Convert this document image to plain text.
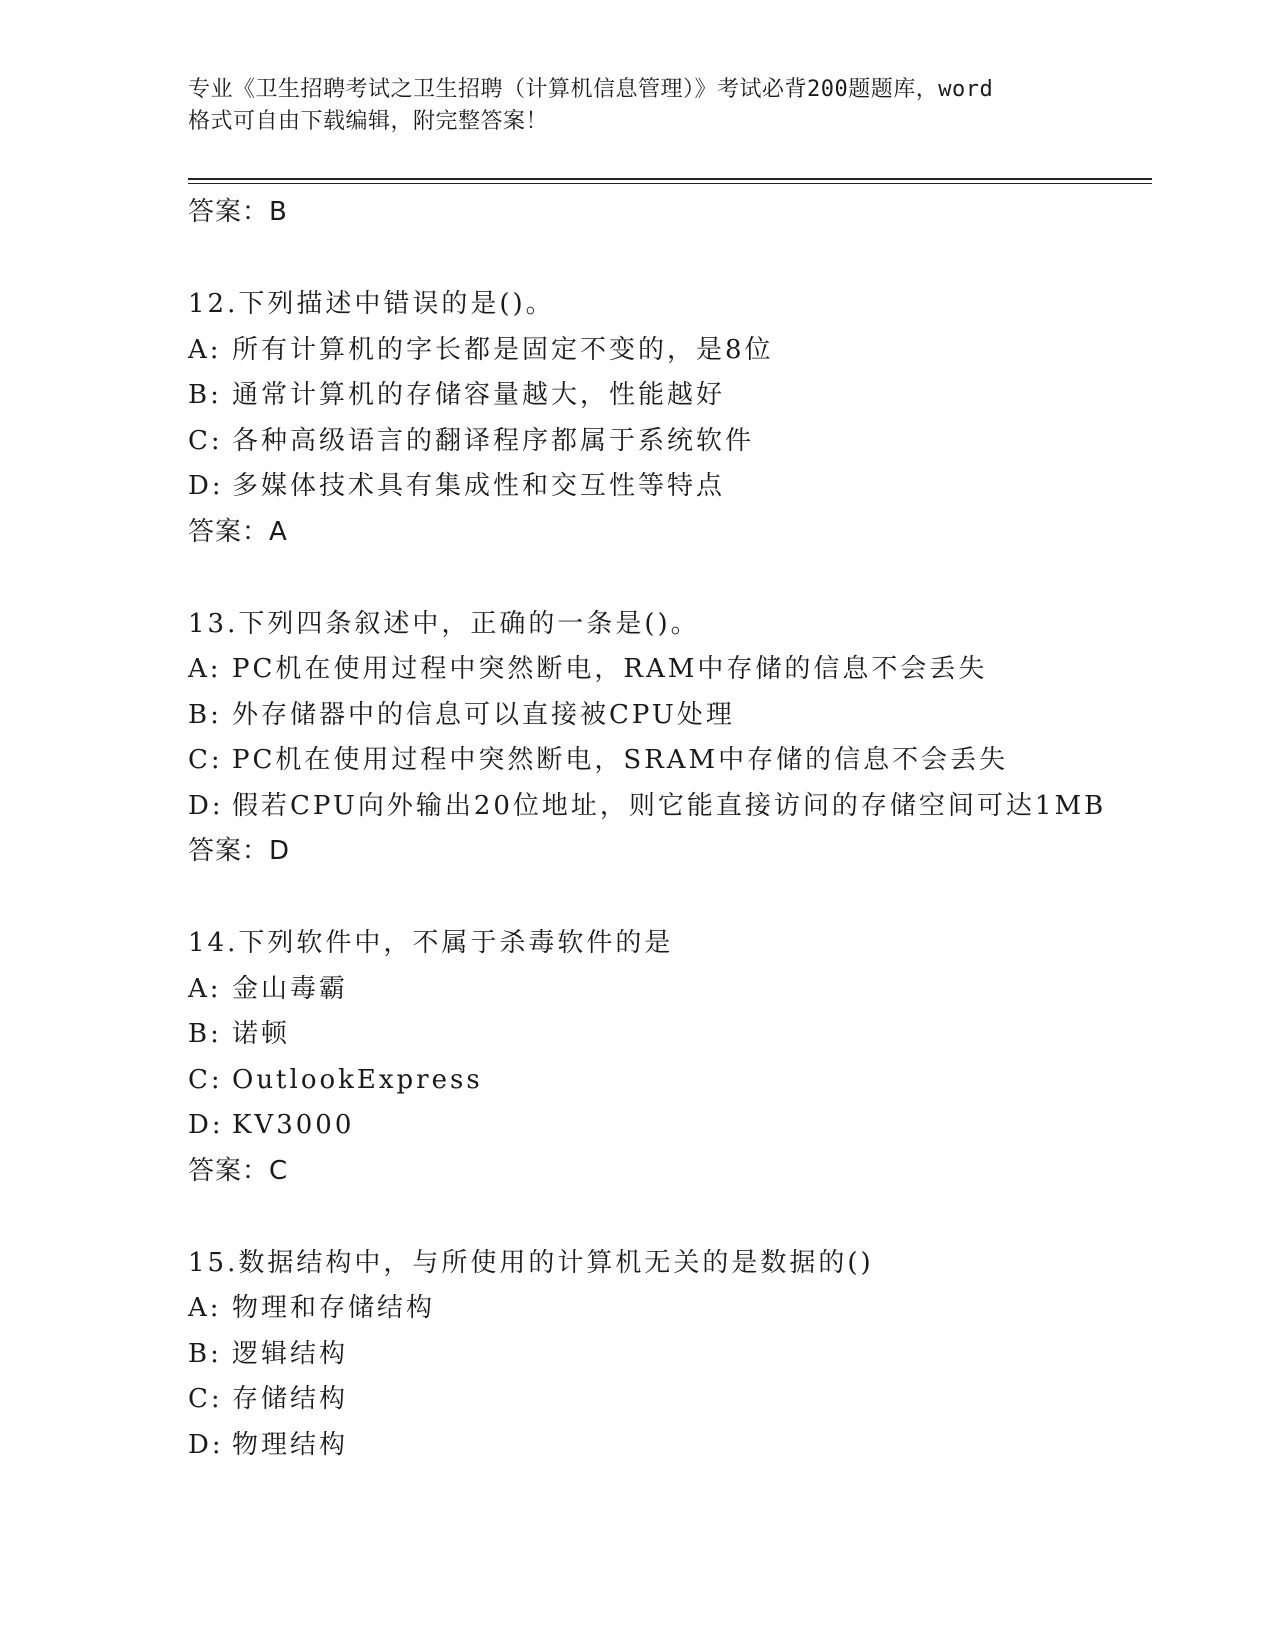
专业《卫生招聘考试之卫生招聘（计算机信息管理）》考试必背200题题库，word
格式可自由下载编辑，附完整答案！
答案：B
12.下列描述中错误的是()。
A: 所有计算机的字长都是固定不变的，是8位
B: 通常计算机的存储容量越大，性能越好
C: 各种高级语言的翻译程序都属于系统软件
D: 多媒体技术具有集成性和交互性等特点
答案：A
13.下列四条叙述中，正确的一条是()。
A: PC机在使用过程中突然断电，RAM中存储的信息不会丢失
B: 外存储器中的信息可以直接被CPU处理
C: PC机在使用过程中突然断电，SRAM中存储的信息不会丢失
D: 假若CPU向外输出20位地址，则它能直接访问的存储空间可达1MB
答案：D
14.下列软件中，不属于杀毒软件的是
A: 金山毒霸
B: 诺顿
C: OutlookExpress
D: KV3000
答案：C
15.数据结构中，与所使用的计算机无关的是数据的()
A: 物理和存储结构
B: 逻辑结构
C: 存储结构
D: 物理结构
